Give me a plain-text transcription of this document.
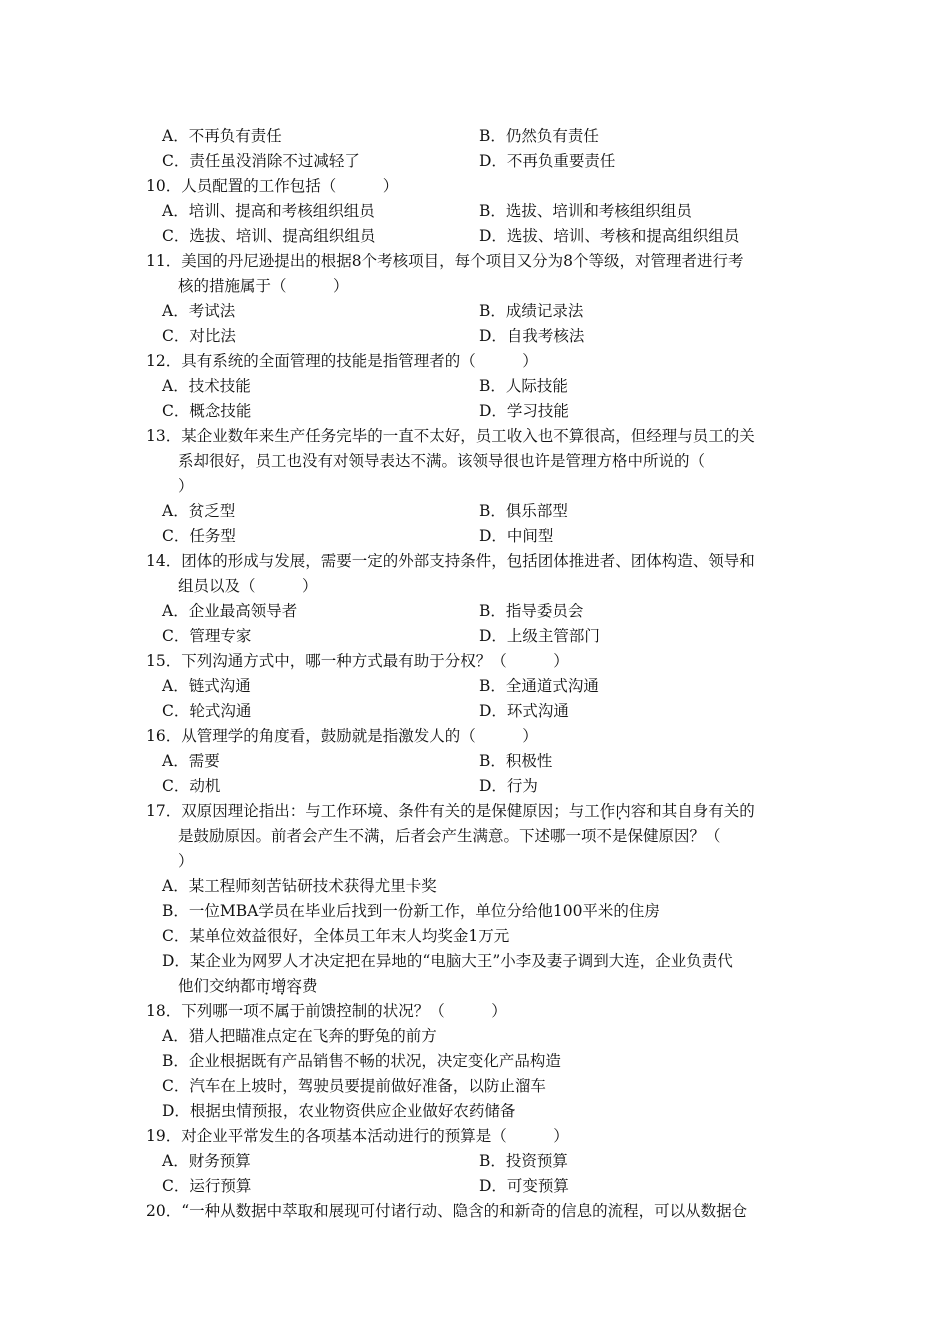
A．不再负有责任	B．仍然负有责任
C．责任虽没消除不过减轻了	D．不再负重要责任
10．人员配置的工作包括（　　　）
A．培训、提高和考核组织组员	B．选拔、培训和考核组织组员
C．选拔、培训、提高组织组员	D．选拔、培训、考核和提高组织组员
11．美国的丹尼逊提出的根据8个考核项目，每个项目又分为8个等级，对管理者进行考
核的措施属于（　　　）
A．考试法	B．成绩记录法
C．对比法	D．自我考核法
12．具有系统的全面管理的技能是指管理者的（　　　）
A．技术技能	B．人际技能
C．概念技能	D．学习技能
13．某企业数年来生产任务完毕的一直不太好，员工收入也不算很高，但经理与员工的关
系却很好，员工也没有对领导表达不满。该领导很也许是管理方格中所说的（
）
A．贫乏型	B．俱乐部型
C．任务型	D．中间型
14．团体的形成与发展，需要一定的外部支持条件，包括团体推进者、团体构造、领导和
组员以及（　　　）
A．企业最高领导者	B．指导委员会
C．管理专家	D．上级主管部门
15．下列沟通方式中，哪一种方式最有助于分权？（　　　）
A．链式沟通	B．全通道式沟通
C．轮式沟通	D．环式沟通
16．从管理学的角度看，鼓励就是指激发人的（　　　）
A．需要	B．积极性
C．动机	D．行为
17．双原因理论指出：与工作环境、条件有关的是保健原因；与工作内容和其自身有关的
是鼓励原因。前者会产生不满，后者会产生满意。下述哪一项不是保健原因？（
）
A．某工程师刻苦钻研技术获得尤里卡奖
B．一位MBA学员在毕业后找到一份新工作，单位分给他100平米的住房
C．某单位效益很好，全体员工年末人均奖金1万元
D．某企业为网罗人才决定把在异地的“电脑大王”小李及妻子调到大连，企业负责代
他们交纳都市增容费
18．下列哪一项不属于前馈控制的状况？（　　　）
A．猎人把瞄准点定在飞奔的野兔的前方
B．企业根据既有产品销售不畅的状况，决定变化产品构造
C．汽车在上坡时，驾驶员要提前做好准备，以防止溜车
D．根据虫情预报，农业物资供应企业做好农药储备
19．对企业平常发生的各项基本活动进行的预算是（　　　）
A．财务预算	B．投资预算
C．运行预算	D．可变预算
20．“一种从数据中萃取和展现可付诸行动、隐含的和新奇的信息的流程，可以从数据仓
